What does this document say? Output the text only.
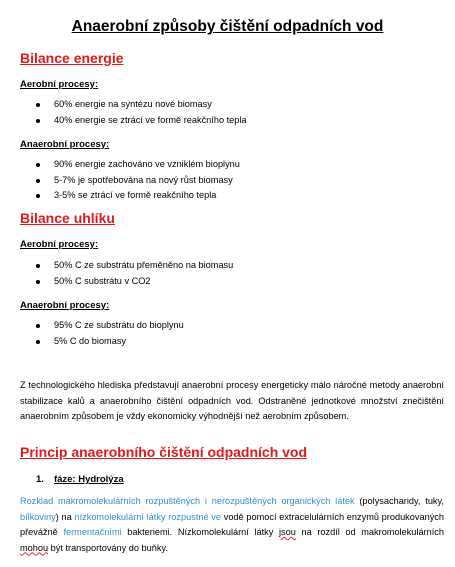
Anaerobní způsoby čištění odpadních vod
Bilance energie
Aerobní procesy:
60% energie na syntézu nové biomasy
40% energie se ztrácí ve formě reakčního tepla
Anaerobní procesy:
90% energie zachováno ve vzniklém bioplynu
5-7% je spotřebována na nový růst biomasy
3-5% se ztrácí ve formě reakčního tepla
Bilance uhlíku
Aerobní procesy:
50% C ze substrátu přeměněno na biomasu
50% C substrátu v CO2
Anaerobní procesy:
95% C ze substrátu do bioplynu
5% C do biomasy
Z technologického hlediska představují anaerobní procesy energeticky málo náročné metody anaerobní stabilizace kalů a anaerobního čištění odpadních vod. Odstraněné jednotkové množství znečištění anaerobním způsobem je vždy ekonomicky výhodnější než aerobním způsobem.
Princip anaerobního čištění odpadních vod
1. fáze: Hydrolýza
Rozklad makromolekulárních rozpuštěných i nerozpuštěných organických látek (polysacharidy, tuky, bílkoviny) na nízkomolekulární látky rozpustné ve vodě pomocí extracelulárních enzymů produkovaných převážně fermentačními bakteriemi. Nízkomolekulární látky jsou na rozdíl od makromolekulárních mohou být transportovány do buňky.
